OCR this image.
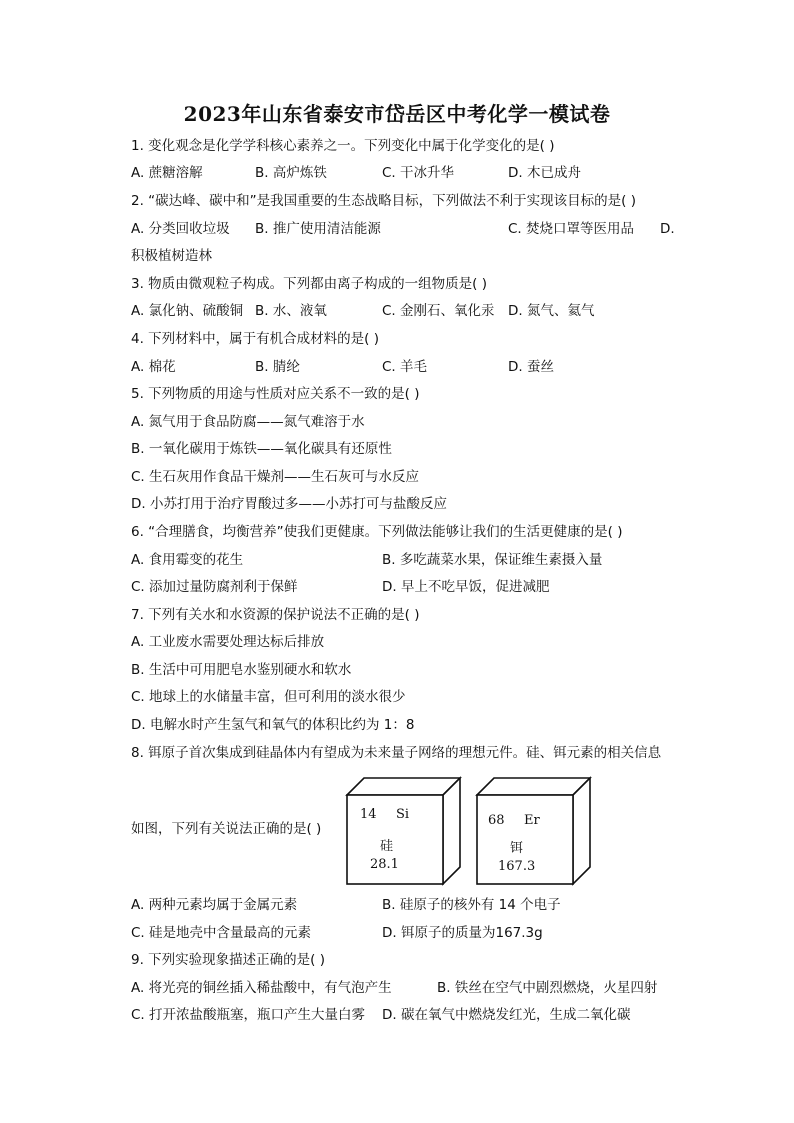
2023年山东省泰安市岱岳区中考化学一模试卷
1. 变化观念是化学学科核心素养之一。下列变化中属于化学变化的是( )
A. 蔗糖溶解	B. 高炉炼铁	C. 干冰升华	D. 木已成舟
2. “碳达峰、碳中和”是我国重要的生态战略目标，下列做法不利于实现该目标的是( )
A. 分类回收垃圾 B. 推广使用清洁能源	C. 焚烧口罩等医用品 D.
积极植树造林
3. 物质由微观粒子构成。下列都由离子构成的一组物质是( )
A. 氯化钠、硫酸铜 B. 水、液氧	C. 金刚石、氧化汞 D. 氮气、氦气
4. 下列材料中，属于有机合成材料的是( )
A. 棉花	B. 腈纶	C. 羊毛	D. 蚕丝
5. 下列物质的用途与性质对应关系不一致的是( )
A. 氮气用于食品防腐——氮气难溶于水
B. 一氧化碳用于炼铁——氧化碳具有还原性
C. 生石灰用作食品干燥剂——生石灰可与水反应
D. 小苏打用于治疗胃酸过多——小苏打可与盐酸反应
6. “合理膳食，均衡营养”使我们更健康。下列做法能够让我们的生活更健康的是( )
A. 食用霉变的花生	B. 多吃蔬菜水果，保证维生素摄入量
C. 添加过量防腐剂利于保鲜	D. 早上不吃早饭，促进减肥
7. 下列有关水和水资源的保护说法不正确的是( )
A. 工业废水需要处理达标后排放
B. 生活中可用肥皂水鉴别硬水和软水
C. 地球上的水储量丰富，但可利用的淡水很少
D. 电解水时产生氢气和氧气的体积比约为 1：8
8. 铒原子首次集成到硅晶体内有望成为未来量子网络的理想元件。硅、铒元素的相关信息
如图，下列有关说法正确的是( )
14 Si
硅
28.1
68 Er
铒
167.3
A. 两种元素均属于金属元素	B. 硅原子的核外有 14 个电子
C. 硅是地壳中含量最高的元素	D. 铒原子的质量为167.3g
9. 下列实验现象描述正确的是( )
A. 将光亮的铜丝插入稀盐酸中，有气泡产生	B. 铁丝在空气中剧烈燃烧，火星四射
C. 打开浓盐酸瓶塞，瓶口产生大量白雾 D. 碳在氧气中燃烧发红光，生成二氧化碳
